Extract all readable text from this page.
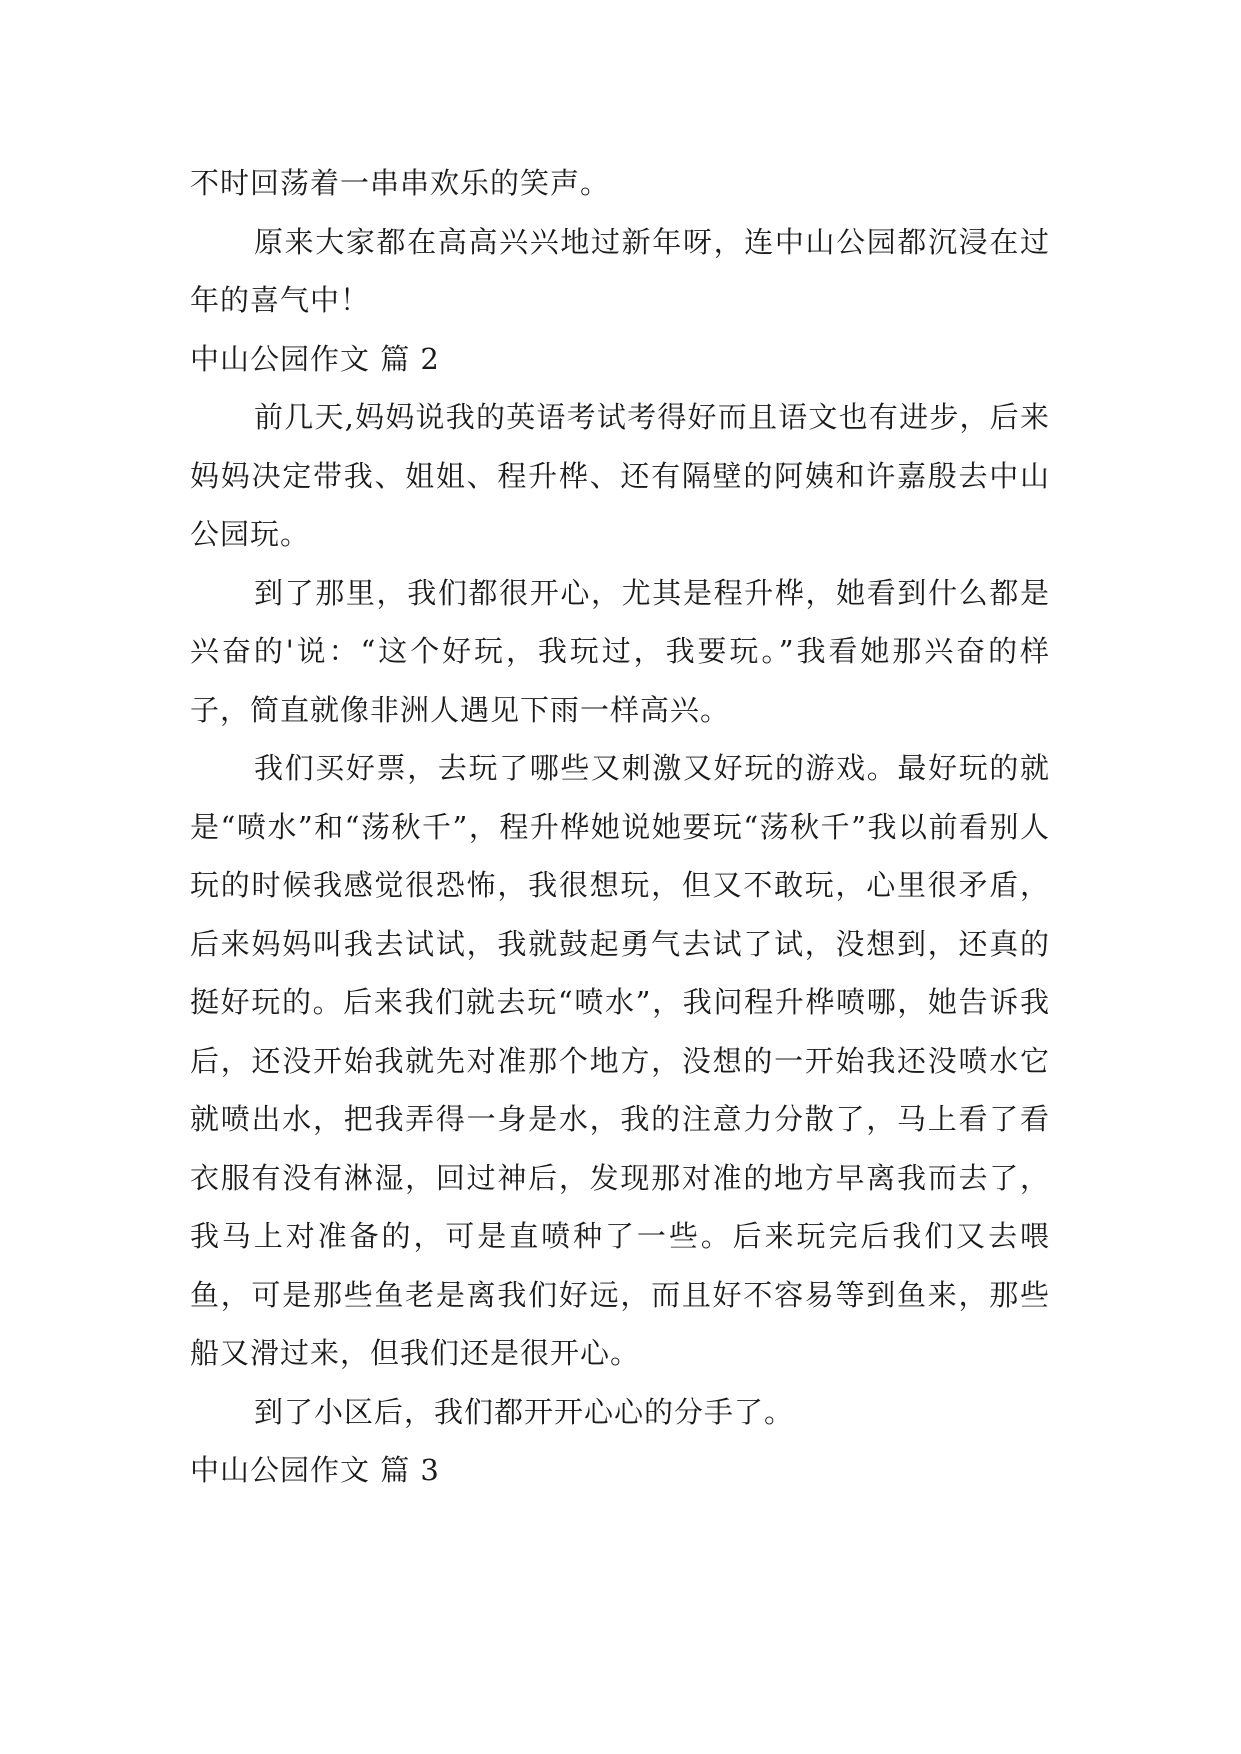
不时回荡着一串串欢乐的笑声。

原来大家都在高高兴兴地过新年呀，连中山公园都沉浸在过年的喜气中！

中山公园作文 篇 2

前几天,妈妈说我的英语考试考得好而且语文也有进步，后来妈妈决定带我、姐姐、程升桦、还有隔壁的阿姨和许嘉殷去中山公园玩。

到了那里，我们都很开心，尤其是程升桦，她看到什么都是兴奋的'说：“这个好玩，我玩过，我要玩。”我看她那兴奋的样子，简直就像非洲人遇见下雨一样高兴。

我们买好票，去玩了哪些又刺激又好玩的游戏。最好玩的就是“喷水”和“荡秋千”，程升桦她说她要玩“荡秋千”我以前看别人玩的时候我感觉很恐怖，我很想玩，但又不敢玩，心里很矛盾，后来妈妈叫我去试试，我就鼓起勇气去试了试，没想到，还真的挺好玩的。后来我们就去玩“喷水”，我问程升桦喷哪，她告诉我后，还没开始我就先对准那个地方，没想的一开始我还没喷水它就喷出水，把我弄得一身是水，我的注意力分散了，马上看了看衣服有没有淋湿，回过神后，发现那对准的地方早离我而去了，我马上对准备的，可是直喷种了一些。后来玩完后我们又去喂鱼，可是那些鱼老是离我们好远，而且好不容易等到鱼来，那些船又滑过来，但我们还是很开心。

到了小区后，我们都开开心心的分手了。

中山公园作文 篇 3
